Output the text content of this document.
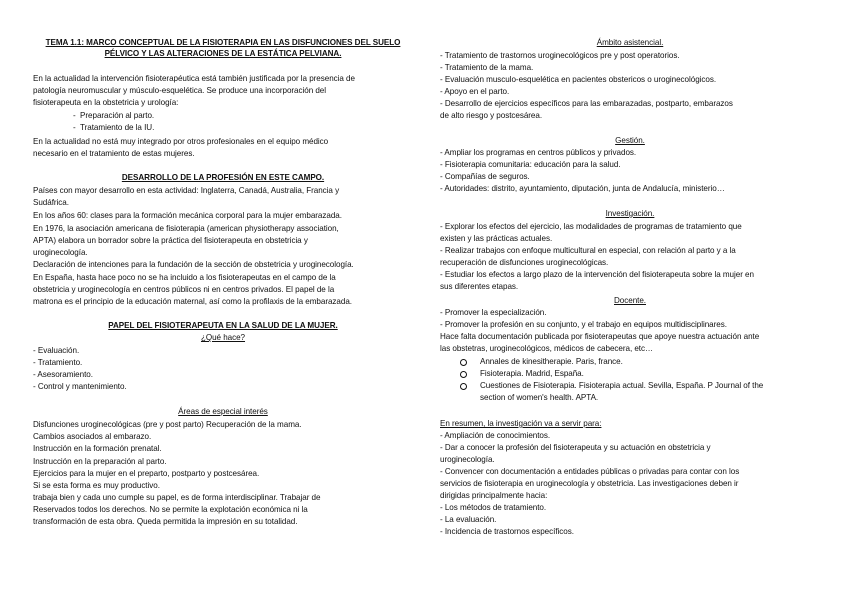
TEMA 1.1: MARCO CONCEPTUAL DE LA FISIOTERAPIA EN LAS DISFUNCIONES DEL SUELO
PÉLVICO Y LAS ALTERACIONES DE LA ESTÁTICA PELVIANA.
En la actualidad la intervención fisioterapéutica está también justificada por la presencia de
patología neuromuscular y músculo-esquelética. Se produce una incorporación del
fisioterapeuta en la obstetricia y urología:
-  Preparación al parto.
-  Tratamiento de la IU.
En la actualidad no está muy integrado por otros profesionales en el equipo médico
necesario en el tratamiento de estas mujeres.
DESARROLLO DE LA PROFESIÓN EN ESTE CAMPO.
Países con mayor desarrollo en esta actividad: Inglaterra, Canadá, Australia, Francia y
Sudáfrica.
En los años 60: clases para la formación mecánica corporal para la mujer embarazada.
En 1976, la asociación americana de fisioterapia (american physiotherapy association,
APTA) elabora un borrador sobre la práctica del fisioterapeuta en obstetricia y
uroginecología.
Declaración de intenciones para la fundación de la sección de obstetricia y uroginecología.
En España, hasta hace poco no se ha incluido a los fisioterapeutas en el campo de la
obstetricia y uroginecología en centros públicos ni en centros privados. El papel de la
matrona es el principio de la educación maternal, así como la profilaxis de la embarazada.
PAPEL DEL FISIOTERAPEUTA EN LA SALUD DE LA MUJER.
¿Qué hace?
- Evaluación.
- Tratamiento.
- Asesoramiento.
- Control y mantenimiento.
Áreas de especial interés
Disfunciones uroginecológicas (pre y post parto) Recuperación de la mama.
Cambios asociados al embarazo.
Instrucción en la formación prenatal.
Instrucción en la preparación al parto.
Ejercicios para la mujer en el preparto, postparto y postcesárea.
Si se esta forma es muy productivo.
trabaja bien y cada uno cumple su papel, es de forma interdisciplinar. Trabajar de
Reservados todos los derechos. No se permite la explotación económica ni la
transformación de esta obra. Queda permitida la impresión en su totalidad.
Ámbito asistencial.
- Tratamiento de trastornos uroginecológicos pre y post operatorios.
- Tratamiento de la mama.
- Evaluación musculo-esquelética en pacientes obstericos o uroginecológicos.
- Apoyo en el parto.
- Desarrollo de ejercicios específicos para las embarazadas, postparto, embarazos
de alto riesgo y postcesárea.
Gestión.
- Ampliar los programas en centros públicos y privados.
- Fisioterapia comunitaria: educación para la salud.
- Compañías de seguros.
- Autoridades: distrito, ayuntamiento, diputación, junta de Andalucía, ministerio…
Investigación.
- Explorar los efectos del ejercicio, las modalidades de programas de tratamiento que
existen y las prácticas actuales.
- Realizar trabajos con enfoque multicultural en especial, con relación al parto y a la
recuperación de disfunciones uroginecológicas.
- Estudiar los efectos a largo plazo de la intervención del fisioterapeuta sobre la mujer en
sus diferentes etapas.
Docente.
- Promover la especialización.
- Promover la profesión en su conjunto, y el trabajo en equipos multidisciplinares.
Hace falta documentación publicada por fisioterapeutas que apoye nuestra actuación ante
las obstetras, uroginecológicos, médicos de cabecera, etc…
Annales de kinesitherapie. Paris, france.
Fisioterapia. Madrid, España.
Cuestiones de Fisioterapia. Fisioterapia actual. Sevilla, España. P Journal of the
section of women's health. APTA.
En resumen, la investigación va a servir para:
- Ampliación de conocimientos.
- Dar a conocer la profesión del fisioterapeuta y su actuación en obstetricia y
uroginecología.
- Convencer con documentación a entidades públicas o privadas para contar con los
servicios de fisioterapia en uroginecología y obstetricia. Las investigaciones deben ir
dirigidas principalmente hacia:
- Los métodos de tratamiento.
- La evaluación.
- Incidencia de trastornos específicos.
